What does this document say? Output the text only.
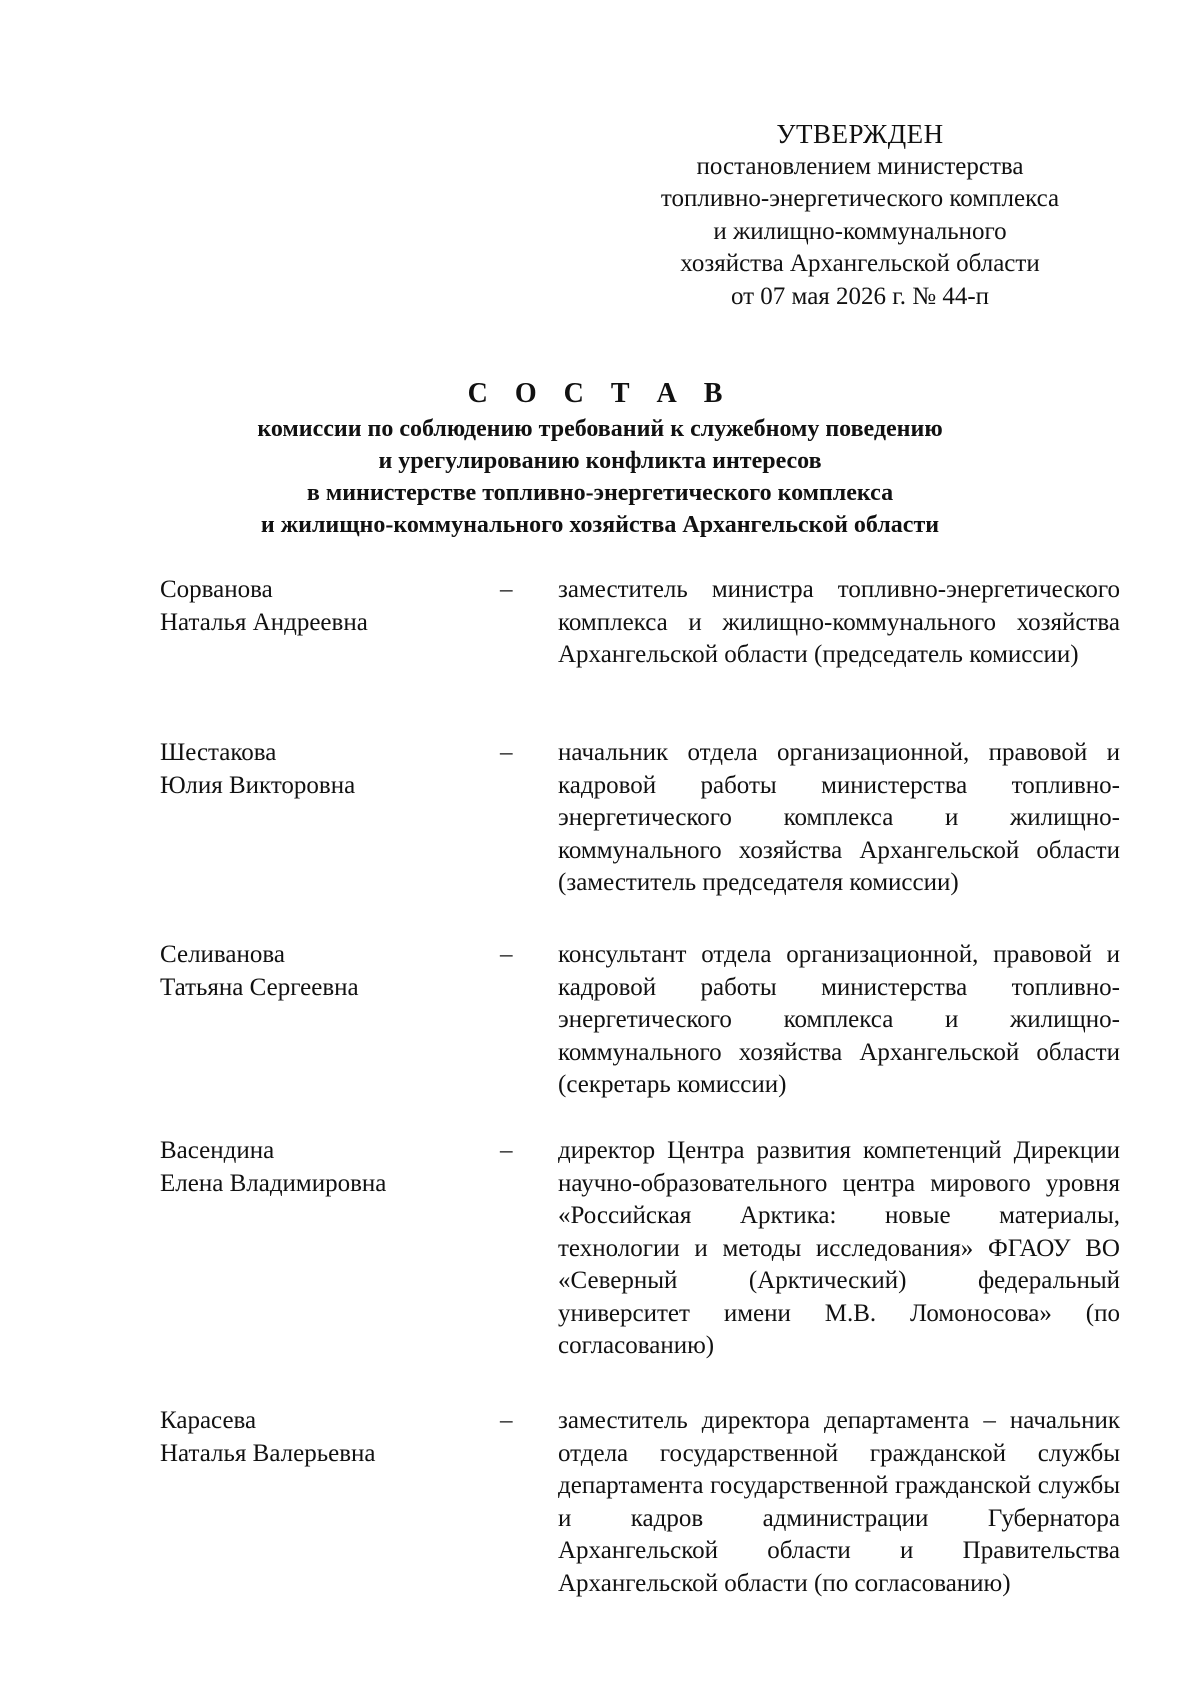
УТВЕРЖДЕН
постановлением министерства
топливно-энергетического комплекса
и жилищно-коммунального
хозяйства Архангельской области
от 07 мая 2026 г. № 44-п
С О С Т А В
комиссии по соблюдению требований к служебному поведению
и урегулированию конфликта интересов
в министерстве топливно-энергетического комплекса
и жилищно-коммунального хозяйства Архангельской области
Сорванова
Наталья Андреевна
–	заместитель министра топливно-энергетического комплекса и жилищно-коммунального хозяйства Архангельской области (председатель комиссии)
Шестакова
Юлия Викторовна
–	начальник отдела организационной, правовой и кадровой работы министерства топливно-энергетического комплекса и жилищно-коммунального хозяйства Архангельской области (заместитель председателя комиссии)
Селиванова
Татьяна Сергеевна
–	консультант отдела организационной, правовой и кадровой работы министерства топливно-энергетического комплекса и жилищно-коммунального хозяйства Архангельской области (секретарь комиссии)
Васендина
Елена Владимировна
–	директор Центра развития компетенций Дирекции научно-образовательного центра мирового уровня «Российская Арктика: новые материалы, технологии и методы исследования» ФГАОУ ВО «Северный (Арктический) федеральный университет имени М.В. Ломоносова» (по согласованию)
Карасева
Наталья Валерьевна
–	заместитель директора департамента – начальник отдела государственной гражданской службы департамента государственной гражданской службы и кадров администрации Губернатора Архангельской области и Правительства Архангельской области (по согласованию)
